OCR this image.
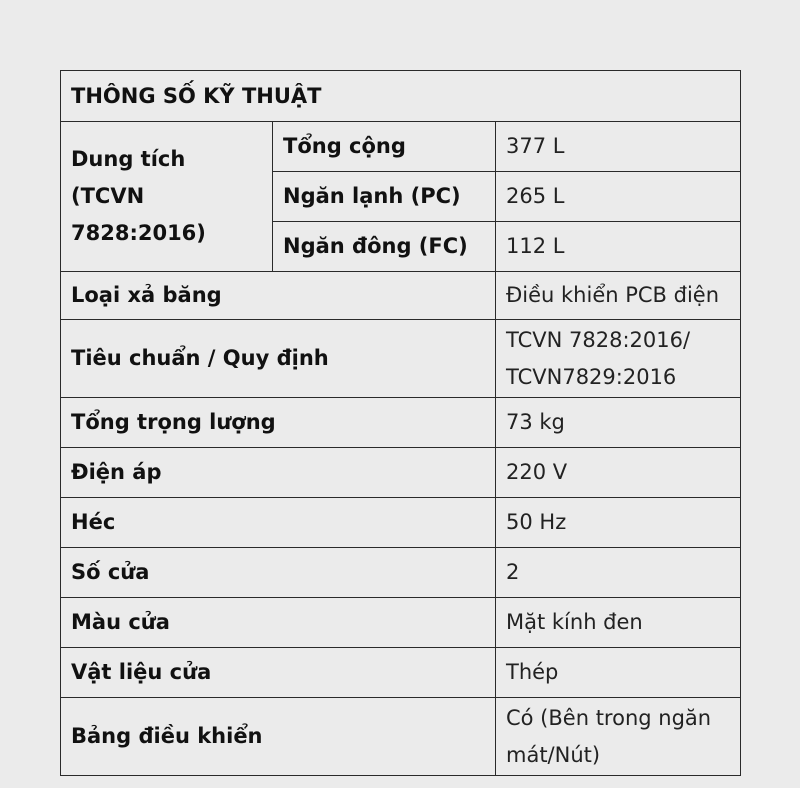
THÔNG SỐ KỸ THUẬT		
Dung tích (TCVN 7828:2016)	Tổng cộng	377 L
	Ngăn lạnh (PC)	265 L
	Ngăn đông (FC)	112 L
Loại xả băng		Điều khiển PCB điện
Tiêu chuẩn / Quy định		TCVN 7828:2016/ TCVN7829:2016
Tổng trọng lượng		73 kg
Điện áp		220 V
Héc		50 Hz
Số cửa		2
Màu cửa		Mặt kính đen
Vật liệu cửa		Thép
Bảng điều khiển		Có (Bên trong ngăn mát/Nút)
